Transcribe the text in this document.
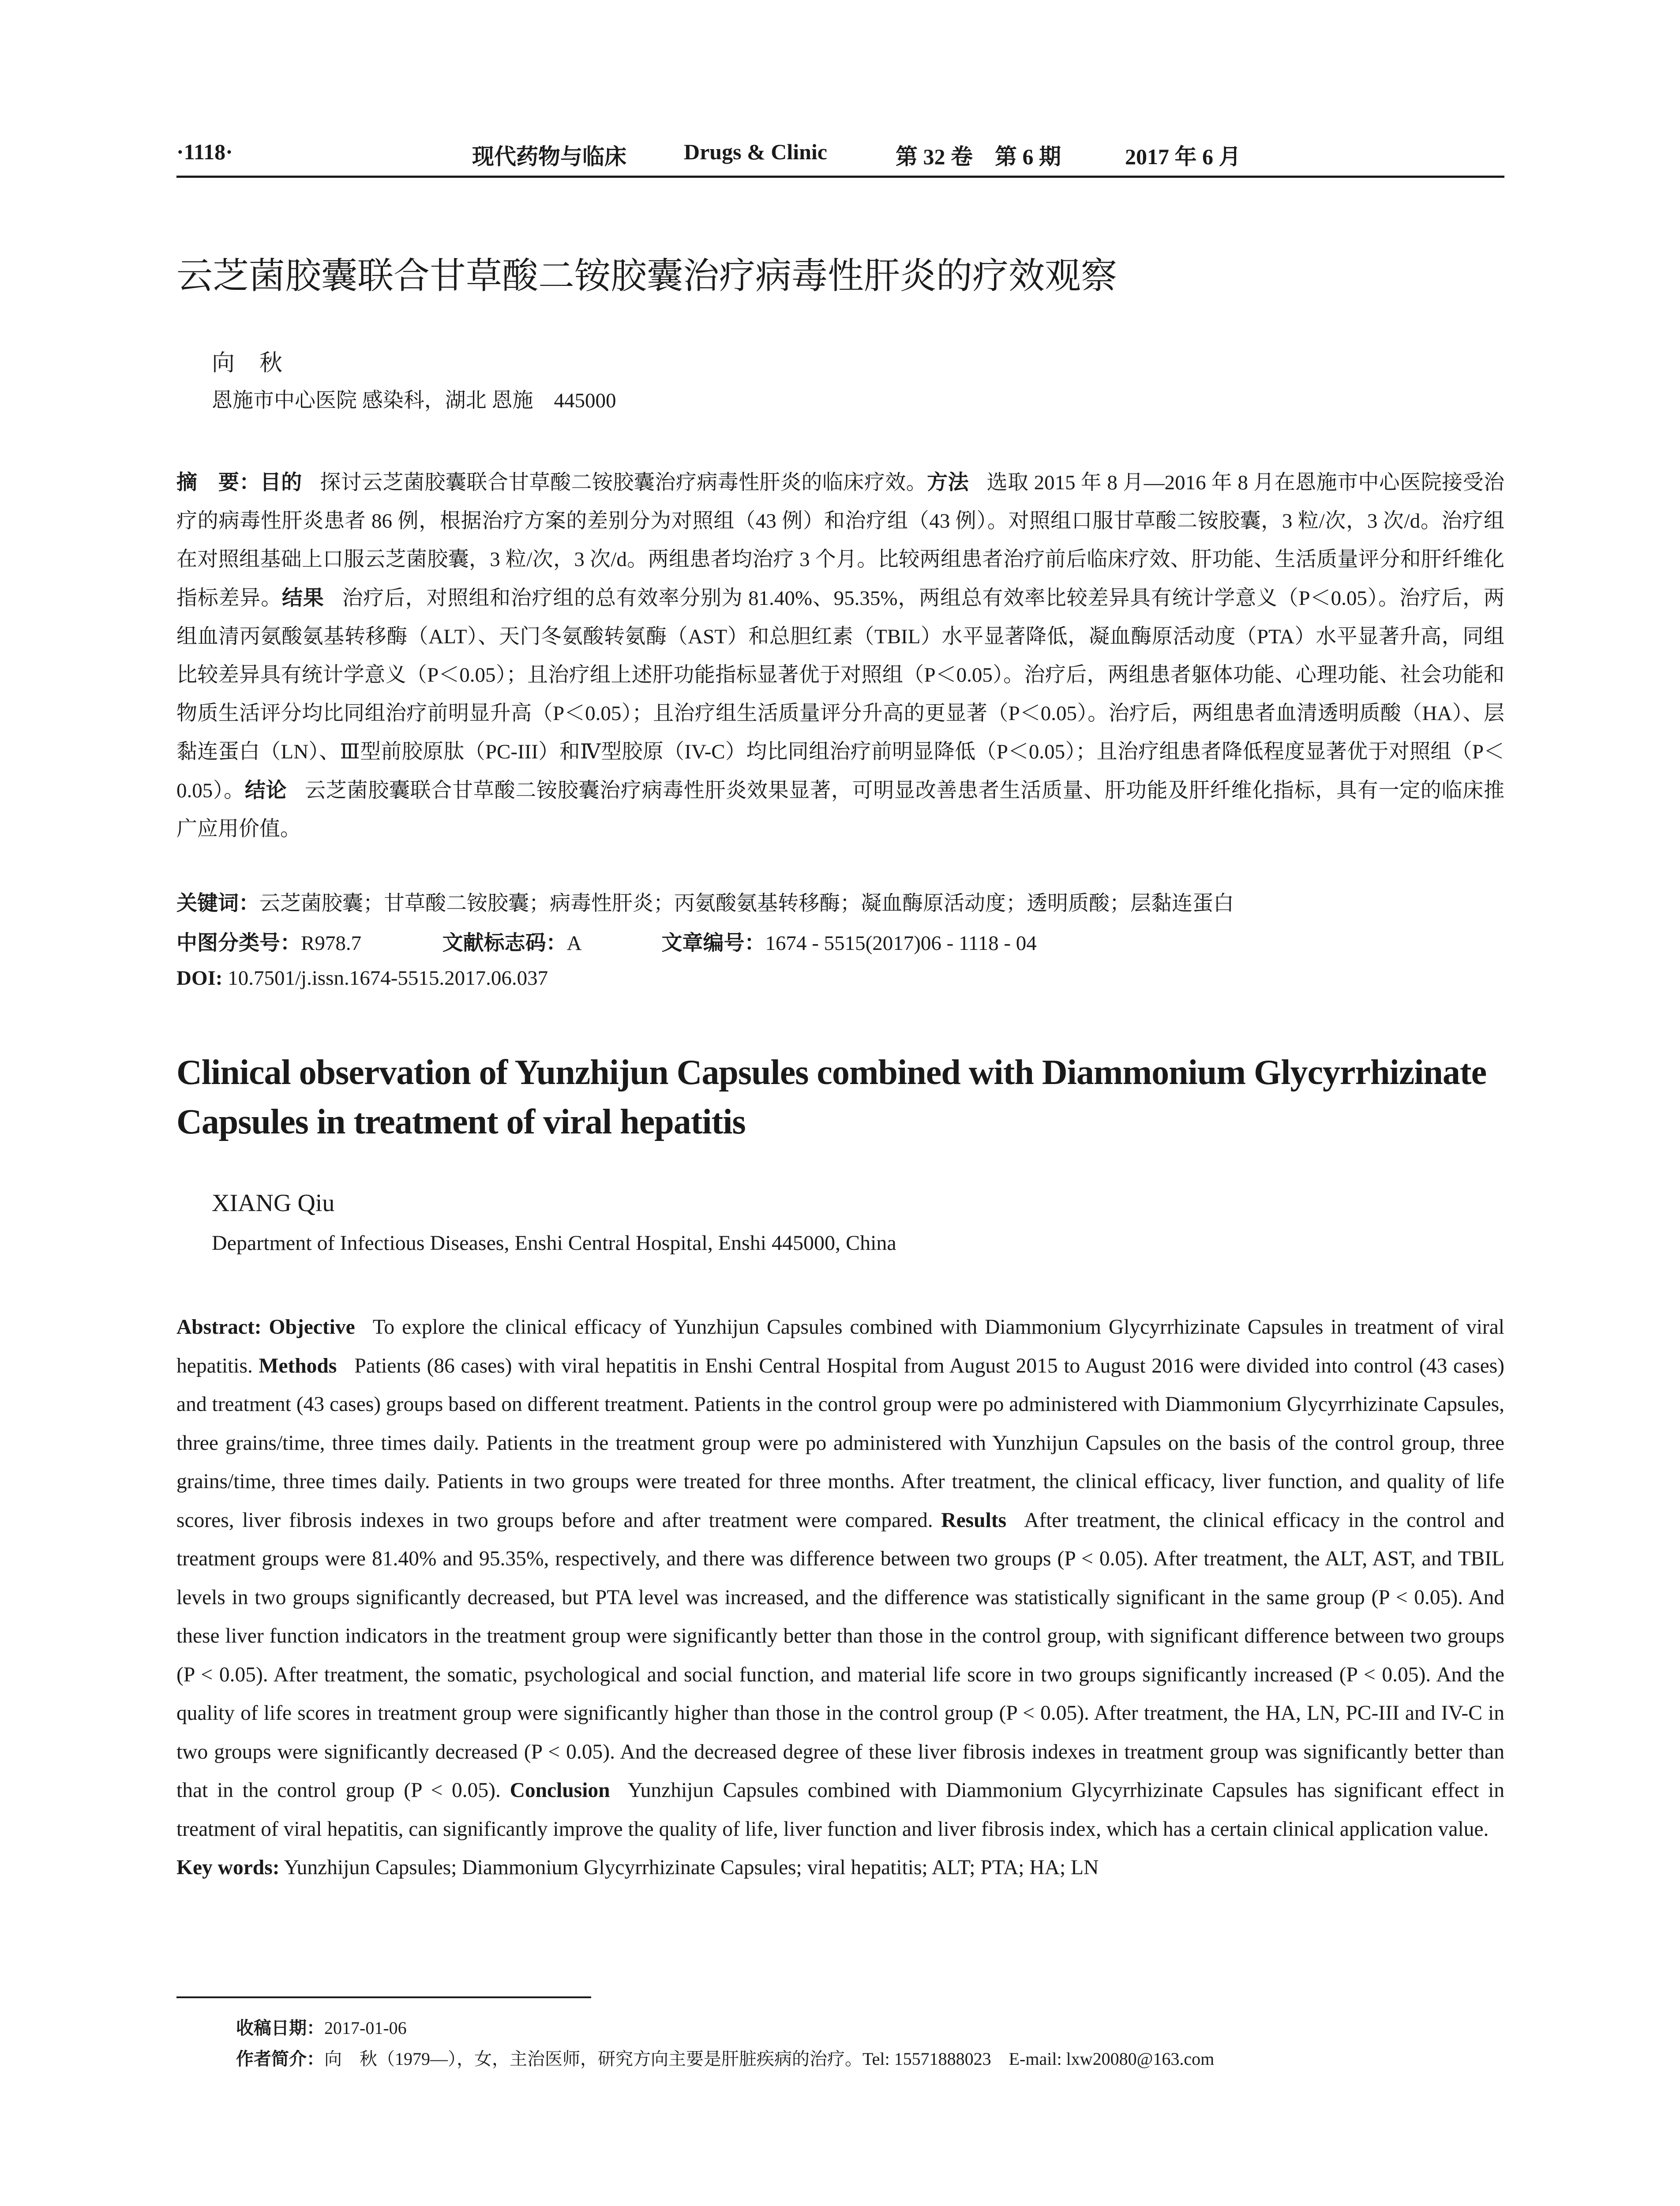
·1118·	现代药物与临床	Drugs & Clinic	第 32 卷　第 6 期	2017 年 6 月
云芝菌胶囊联合甘草酸二铵胶囊治疗病毒性肝炎的疗效观察
向秋
恩施市中心医院 感染科，湖北 恩施　445000

摘　要：目的 探讨云芝菌胶囊联合甘草酸二铵胶囊治疗病毒性肝炎的临床疗效。方法 选取 2015 年 8 月—2016 年 8 月在恩施市中心医院接受治疗的病毒性肝炎患者 86 例，根据治疗方案的差别分为对照组（43 例）和治疗组（43 例）。对照组口服甘草酸二铵胶囊，3 粒/次，3 次/d。治疗组在对照组基础上口服云芝菌胶囊，3 粒/次，3 次/d。两组患者均治疗 3 个月。比较两组患者治疗前后临床疗效、肝功能、生活质量评分和肝纤维化指标差异。结果 治疗后，对照组和治疗组的总有效率分别为 81.40%、95.35%，两组总有效率比较差异具有统计学意义（P＜0.05）。治疗后，两组血清丙氨酸氨基转移酶（ALT）、天门冬氨酸转氨酶（AST）和总胆红素（TBIL）水平显著降低，凝血酶原活动度（PTA）水平显著升高，同组比较差异具有统计学意义（P＜0.05）；且治疗组上述肝功能指标显著优于对照组（P＜0.05）。治疗后，两组患者躯体功能、心理功能、社会功能和物质生活评分均比同组治疗前明显升高（P＜0.05）；且治疗组生活质量评分升高的更显著（P＜0.05）。治疗后，两组患者血清透明质酸（HA）、层黏连蛋白（LN）、Ⅲ型前胶原肽（PC-III）和Ⅳ型胶原（IV-C）均比同组治疗前明显降低（P＜0.05）；且治疗组患者降低程度显著优于对照组（P＜0.05）。结论 云芝菌胶囊联合甘草酸二铵胶囊治疗病毒性肝炎效果显著，可明显改善患者生活质量、肝功能及肝纤维化指标，具有一定的临床推广应用价值。

关键词：云芝菌胶囊；甘草酸二铵胶囊；病毒性肝炎；丙氨酸氨基转移酶；凝血酶原活动度；透明质酸；层黏连蛋白
中图分类号：R978.7	文献标志码：A	文章编号：1674 - 5515(2017)06 - 1118 - 04
DOI: 10.7501/j.issn.1674-5515.2017.06.037
Clinical observation of Yunzhijun Capsules combined with Diammonium Glycyrrhizinate Capsules in treatment of viral hepatitis
XIANG Qiu
Department of Infectious Diseases, Enshi Central Hospital, Enshi 445000, China

Abstract: Objective To explore the clinical efficacy of Yunzhijun Capsules combined with Diammonium Glycyrrhizinate Capsules in treatment of viral hepatitis. Methods Patients (86 cases) with viral hepatitis in Enshi Central Hospital from August 2015 to August 2016 were divided into control (43 cases) and treatment (43 cases) groups based on different treatment. Patients in the control group were po administered with Diammonium Glycyrrhizinate Capsules, three grains/time, three times daily. Patients in the treatment group were po administered with Yunzhijun Capsules on the basis of the control group, three grains/time, three times daily. Patients in two groups were treated for three months. After treatment, the clinical efficacy, liver function, and quality of life scores, liver fibrosis indexes in two groups before and after treatment were compared. Results After treatment, the clinical efficacy in the control and treatment groups were 81.40% and 95.35%, respectively, and there was difference between two groups (P < 0.05). After treatment, the ALT, AST, and TBIL levels in two groups significantly decreased, but PTA level was increased, and the difference was statistically significant in the same group (P < 0.05). And these liver function indicators in the treatment group were significantly better than those in the control group, with significant difference between two groups (P < 0.05). After treatment, the somatic, psychological and social function, and material life score in two groups significantly increased (P < 0.05). And the quality of life scores in treatment group were significantly higher than those in the control group (P < 0.05). After treatment, the HA, LN, PC-III and IV-C in two groups were significantly decreased (P < 0.05). And the decreased degree of these liver fibrosis indexes in treatment group was significantly better than that in the control group (P < 0.05). Conclusion Yunzhijun Capsules combined with Diammonium Glycyrrhizinate Capsules has significant effect in treatment of viral hepatitis, can significantly improve the quality of life, liver function and liver fibrosis index, which has a certain clinical application value.

Key words: Yunzhijun Capsules; Diammonium Glycyrrhizinate Capsules; viral hepatitis; ALT; PTA; HA; LN

收稿日期：2017-01-06
作者简介：向　秋（1979—），女，主治医师，研究方向主要是肝脏疾病的治疗。Tel: 15571888023　E-mail: lxw20080@163.com
